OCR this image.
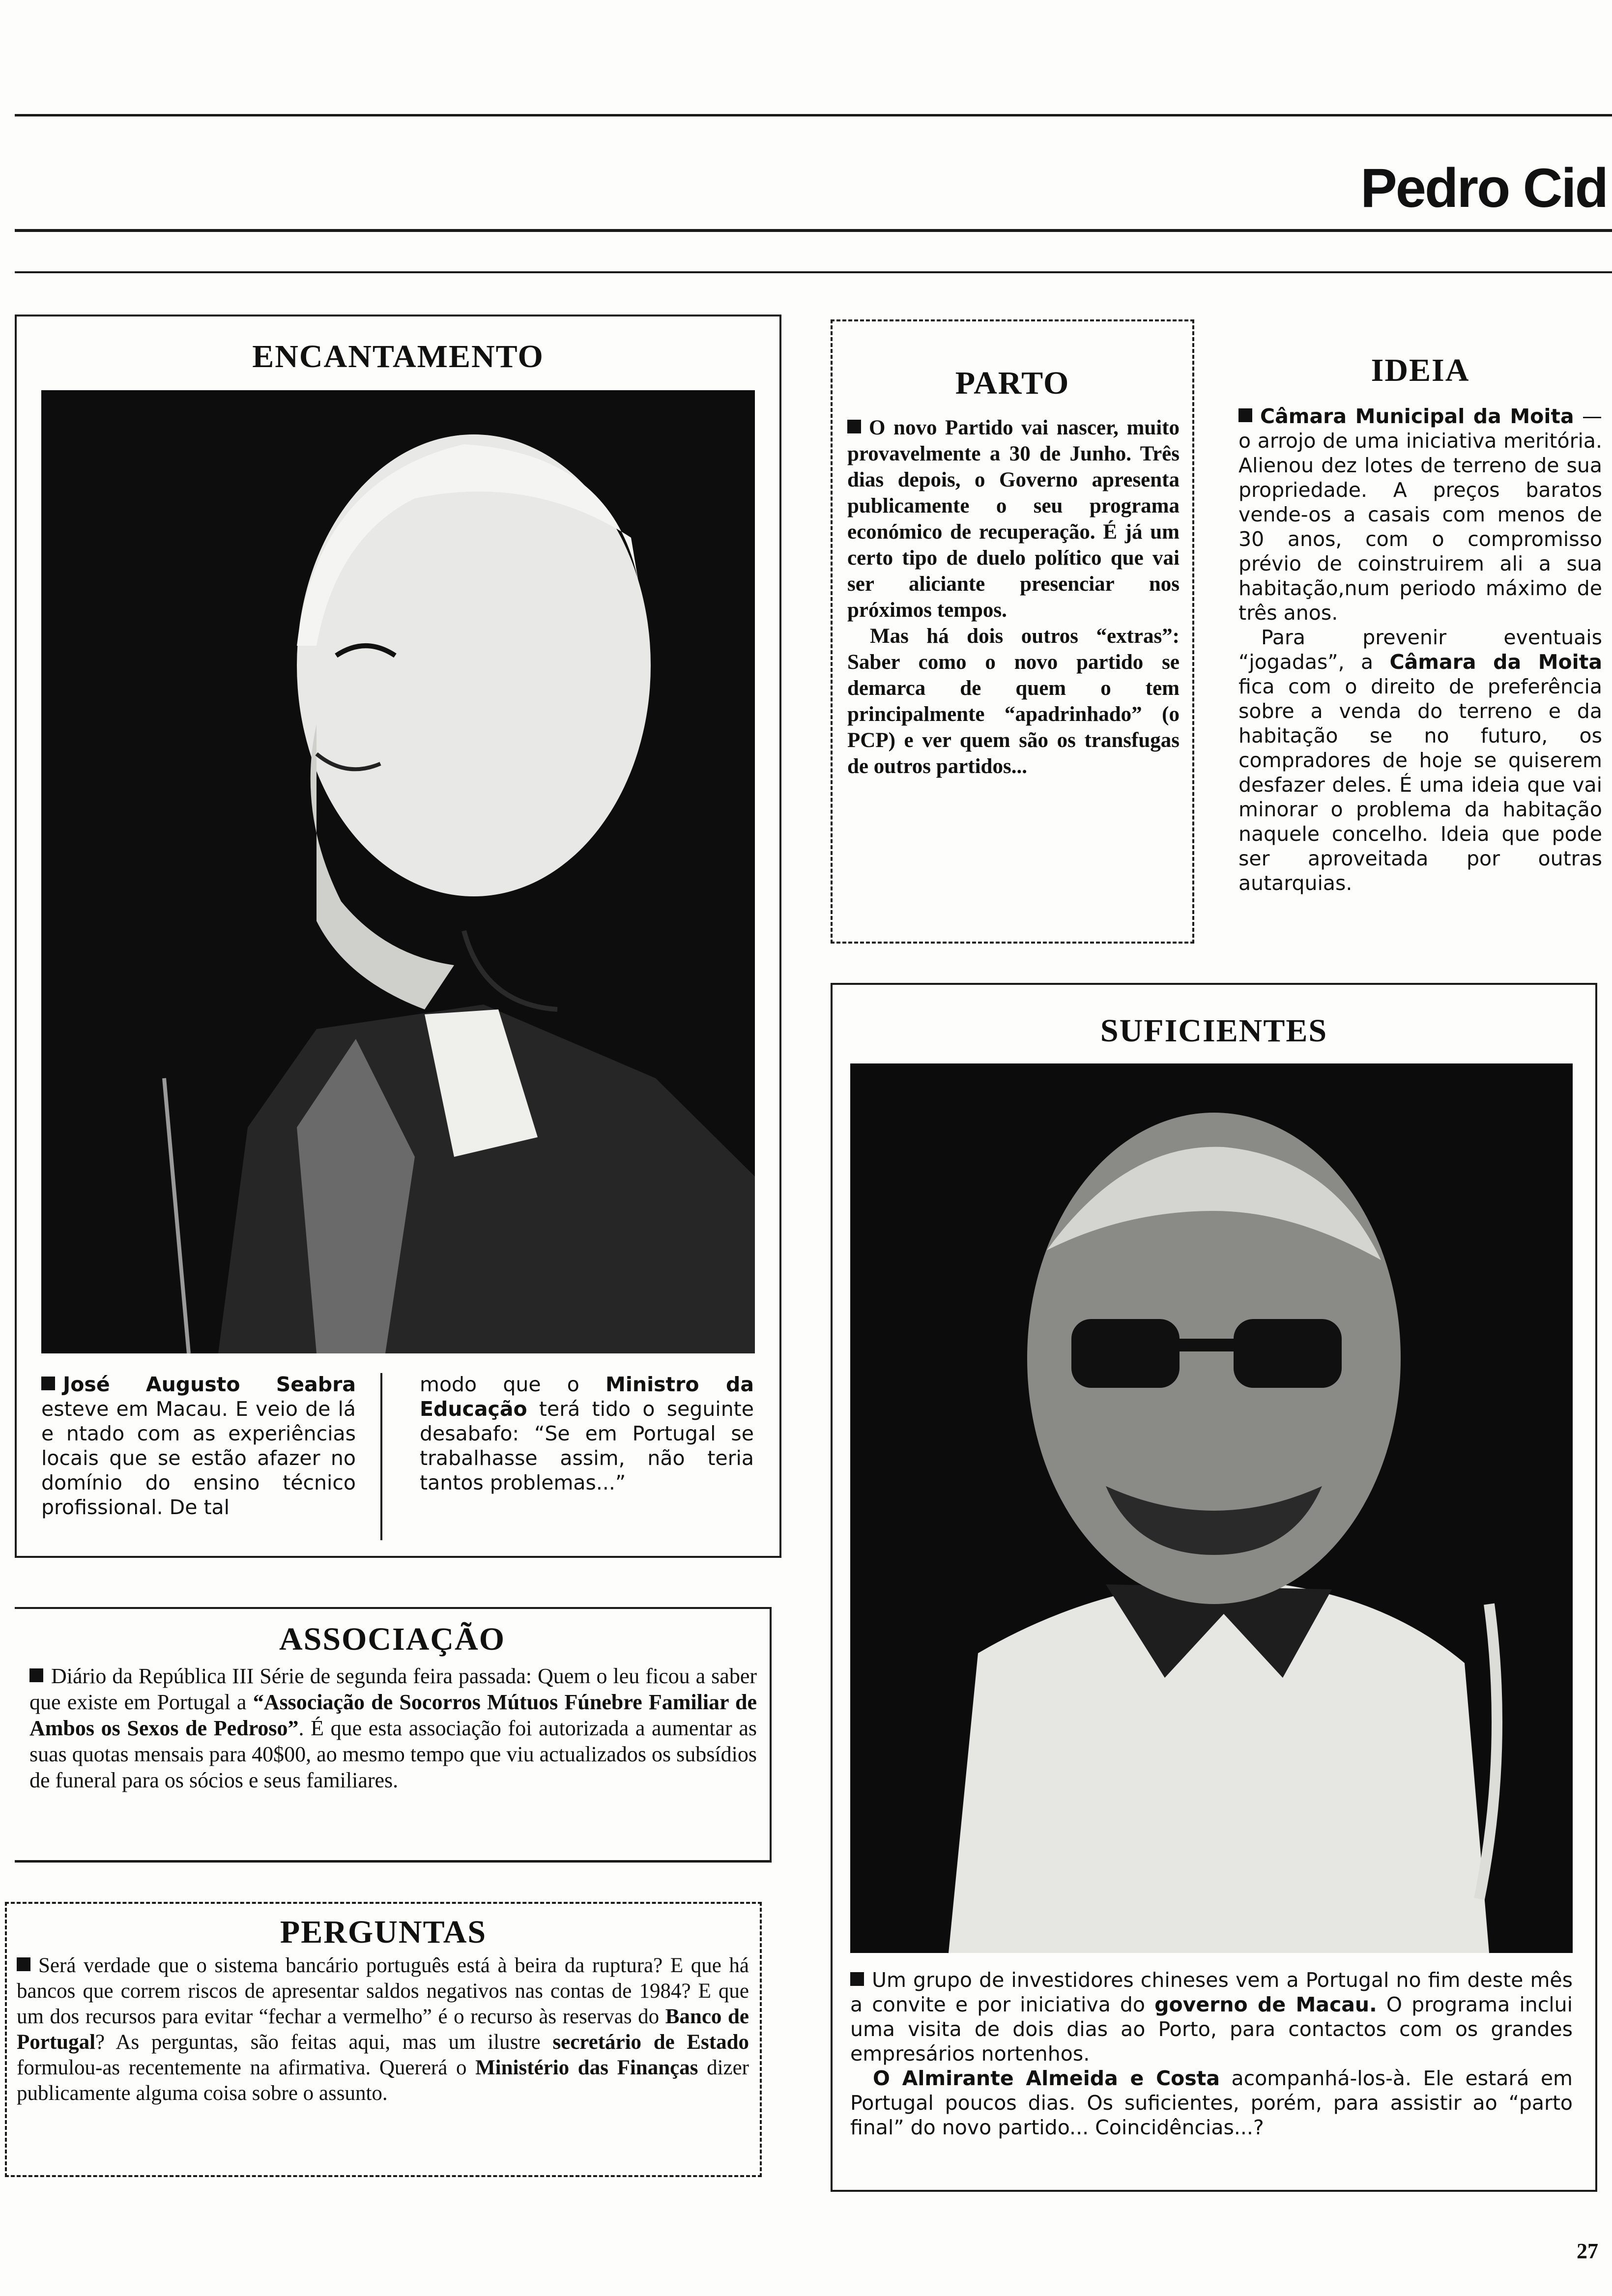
Pedro Cid
ENCANTAMENTO
José Augusto Seabra esteve em Macau. E veio de lá e ntado com as experiências locais que se estão afazer no domínio do ensino técnico profissional. De tal
modo que o Ministro da Educação terá tido o seguinte desabafo: “Se em Portugal se trabalhasse assim, não teria tantos problemas...”
PARTO

O novo Partido vai nascer, muito provavelmente a 30 de Junho. Três dias depois, o Governo apresenta publicamente o seu programa económico de recuperação. É já um certo tipo de duelo político que vai ser aliciante presenciar nos próximos tempos.

Mas há dois outros “extras”: Saber como o novo partido se demarca de quem o tem principalmente “apadrinhado” (o PCP) e ver quem são os transfugas de outros partidos...

IDEIA

Câmara Municipal da Moita — o arrojo de uma iniciativa meritória. Alienou dez lotes de terreno de sua propriedade. A preços baratos vende-os a casais com menos de 30 anos, com o compromisso prévio de coinstruirem ali a sua habitação,num periodo máximo de três anos.

Para prevenir eventuais “jogadas”, a Câmara da Moita fica com o direito de preferência sobre a venda do terreno e da habitação se no futuro, os compradores de hoje se quiserem desfazer deles. É uma ideia que vai minorar o problema da habitação naquele concelho. Ideia que pode ser aproveitada por outras autarquias.

SUFICIENTES

Um grupo de investidores chineses vem a Portugal no fim deste mês a convite e por iniciativa do governo de Macau. O programa inclui uma visita de dois dias ao Porto, para contactos com os grandes empresários nortenhos.

O Almirante Almeida e Costa acompanhá-los-à. Ele estará em Portugal poucos dias. Os suficientes, porém, para assistir ao “parto final” do novo partido... Coincidências...?

ASSOCIAÇÃO
Diário da República III Série de segunda feira passada: Quem o leu ficou a saber que existe em Portugal a “Associação de Socorros Mútuos Fúnebre Familiar de Ambos os Sexos de Pedroso”. É que esta associação foi autorizada a aumentar as suas quotas mensais para 40$00, ao mesmo tempo que viu actualizados os subsídios de funeral para os sócios e seus familiares.
PERGUNTAS
Será verdade que o sistema bancário português está à beira da ruptura? E que há bancos que correm riscos de apresentar saldos negativos nas contas de 1984? E que um dos recursos para evitar “fechar a vermelho” é o recurso às reservas do Banco de Portugal? As perguntas, são feitas aqui, mas um ilustre secretário de Estado formulou-as recentemente na afirmativa. Quererá o Ministério das Finanças dizer publicamente alguma coisa sobre o assunto.
27
